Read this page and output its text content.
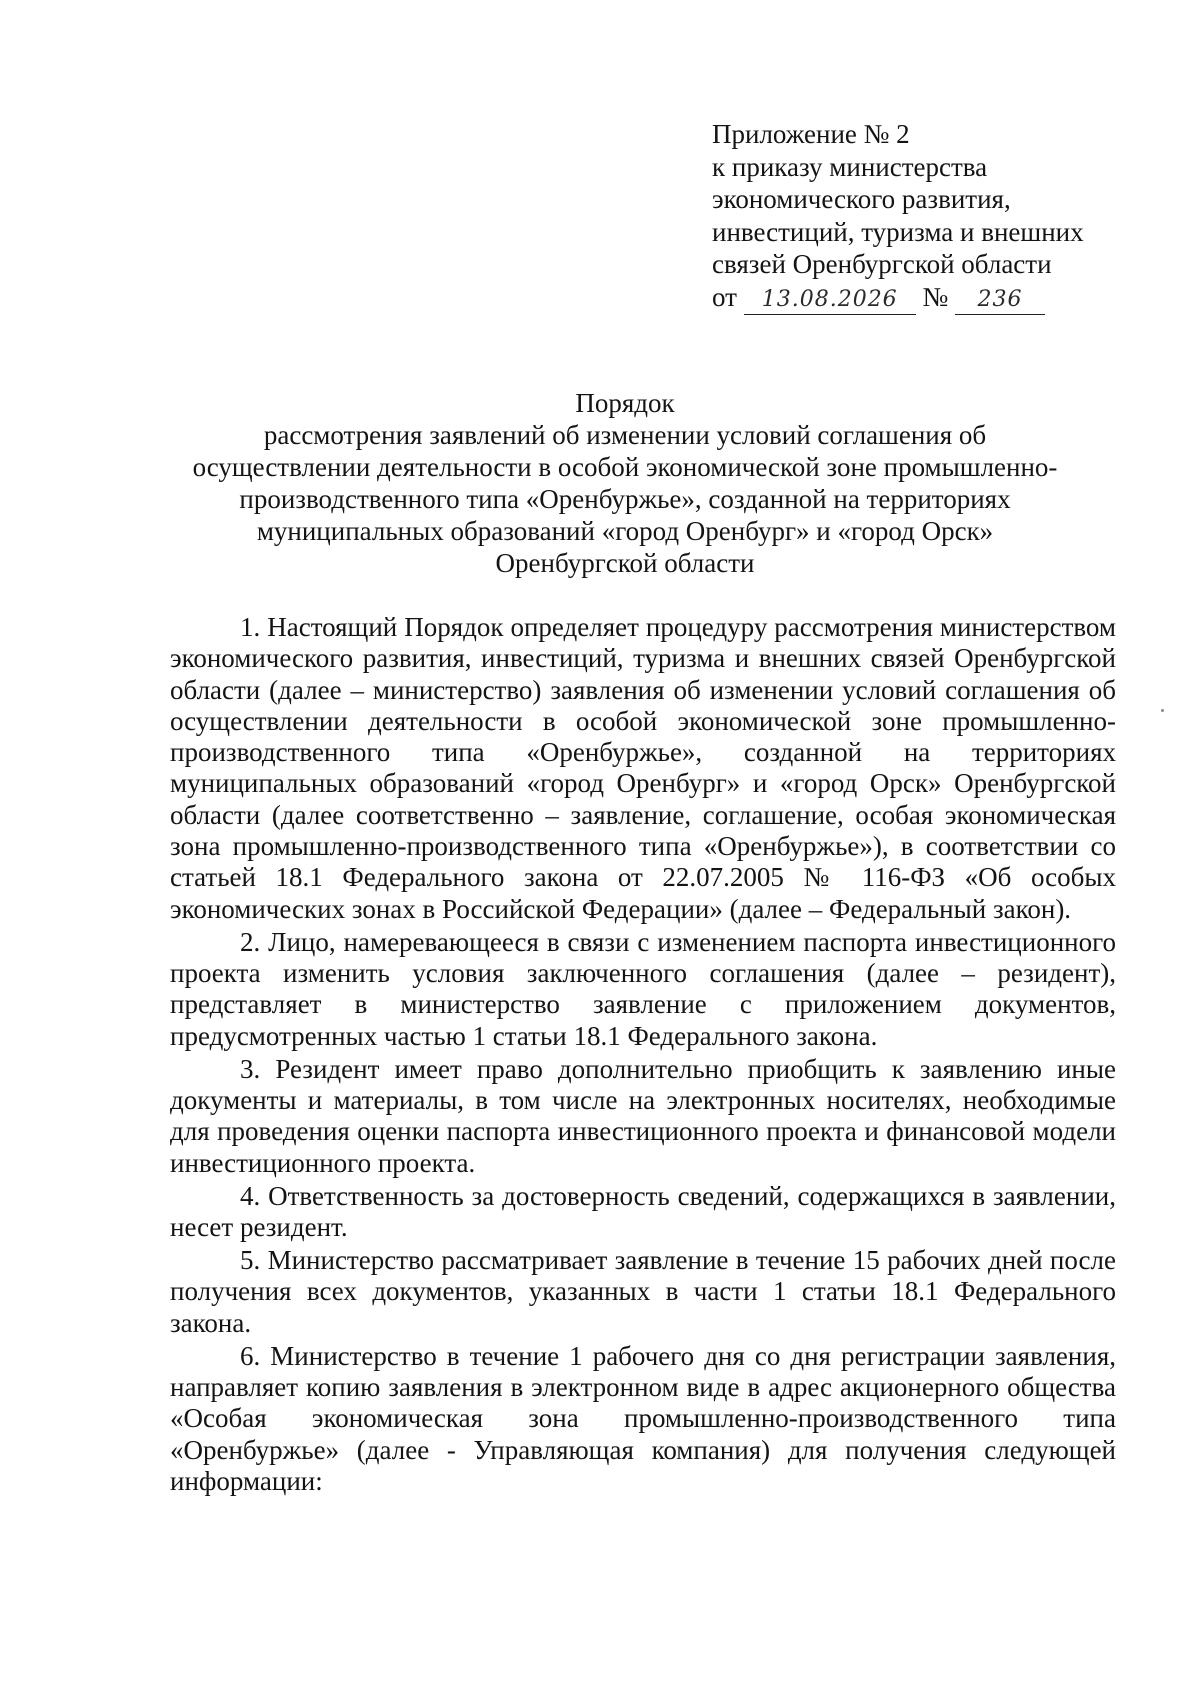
Приложение № 2
к приказу министерства
экономического развития,
инвестиций, туризма и внешних
связей Оренбургской области
от 13.08.2026 № 236
Порядок
рассмотрения заявлений об изменении условий соглашения об
осуществлении деятельности в особой экономической зоне промышленно-
производственного типа «Оренбуржье», созданной на территориях
муниципальных образований «город Оренбург» и «город Орск»
Оренбургской области

1. Настоящий Порядок определяет процедуру рассмотрения министерством экономического развития, инвестиций, туризма и внешних связей Оренбургской области (далее – министерство) заявления об изменении условий соглашения об осуществлении деятельности в особой экономической зоне промышленно-производственного типа «Оренбуржье», созданной на территориях муниципальных образований «город Оренбург» и «город Орск» Оренбургской области (далее соответственно – заявление, соглашение, особая экономическая зона промышленно-производственного типа «Оренбуржье»), в соответствии со статьей 18.1 Федерального закона от 22.07.2005 № 116-ФЗ «Об особых экономических зонах в Российской Федерации» (далее – Федеральный закон).

2. Лицо, намеревающееся в связи с изменением паспорта инвестиционного проекта изменить условия заключенного соглашения (далее – резидент), представляет в министерство заявление с приложением документов, предусмотренных частью 1 статьи 18.1 Федерального закона.

3. Резидент имеет право дополнительно приобщить к заявлению иные документы и материалы, в том числе на электронных носителях, необходимые для проведения оценки паспорта инвестиционного проекта и финансовой модели инвестиционного проекта.

4. Ответственность за достоверность сведений, содержащихся в заявлении, несет резидент.

5. Министерство рассматривает заявление в течение 15 рабочих дней после получения всех документов, указанных в части 1 статьи 18.1 Федерального закона.

6. Министерство в течение 1 рабочего дня со дня регистрации заявления, направляет копию заявления в электронном виде в адрес акционерного общества «Особая экономическая зона промышленно-производственного типа «Оренбуржье» (далее - Управляющая компания) для получения следующей информации:
